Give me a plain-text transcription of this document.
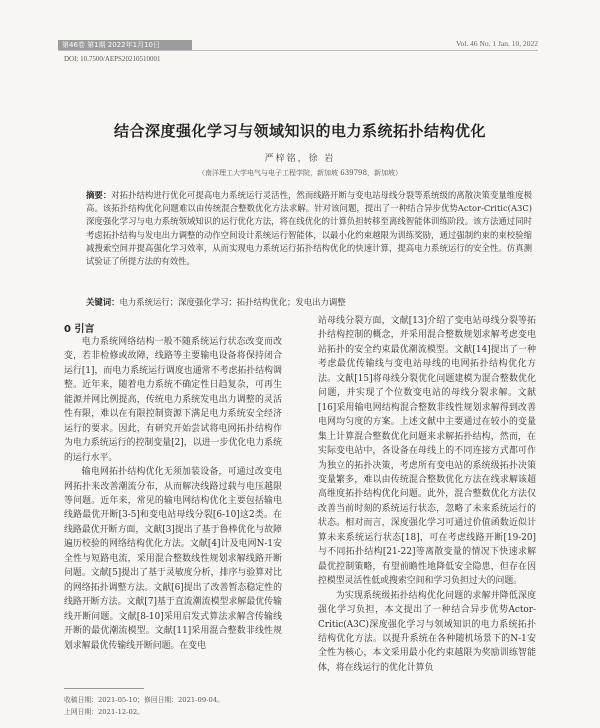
第46卷 第1期 2022年1月10日	Vol. 46 No. 1 Jan. 10, 2022
DOI: 10.7500/AEPS20210510001
结合深度强化学习与领域知识的电力系统拓扑结构优化
严梓铭，徐 岩
（南洋理工大学电气与电子工程学院，新加坡 639798，新加坡）
摘要：对拓扑结构进行优化可提高电力系统运行灵活性，然而线路开断与变电站母线分裂等系统级的离散决策变量维度极高。该拓扑结构优化问题难以由传统混合整数优化方法求解。针对该问题，提出了一种结合异步优势Actor-Critic(A3C)深度强化学习与电力系统领域知识的运行优化方法，将在线优化的计算负担转移至离线智能体训练阶段。该方法通过同时考虑拓扑结构与发电出力调整的动作空间设计系统运行智能体，以最小化约束越限为训练奖励，通过强制约束的束校验缩减搜索空间并提高强化学习效率，从而实现电力系统运行拓扑结构优化的快速计算，提高电力系统运行的安全性。仿真测试验证了所提方法的有效性。
关键词：电力系统运行；深度强化学习；拓扑结构优化；发电出力调整
0 引言

电力系统网络结构一般不随系统运行状态改变而改变，若非检修或故障，线路等主要输电设备将保持闭合运行[1]，而电力系统运行调度也通常不考虑拓扑结构调整。近年来，随着电力系统不确定性日趋复杂，可再生能源并网比例提高，传统电力系统发电出力调整的灵活性有限，难以在有限控制资源下满足电力系统安全经济运行的要求。因此，有研究开始尝试将电网拓扑结构作为电力系统运行的控制变量[2]，以进一步优化电力系统的运行水平。

输电网拓扑结构优化无须加装设备，可通过改变电网拓扑来改善潮流分布，从而解决线路过载与电压越限等问题。近年来，常见的输电网结构优化主要包括输电线路最优开断[3-5]和变电站母线分裂[6-10]这2类。在线路最优开断方面，文献[3]提出了基于鲁棒优化与故障遍历校验的网络结构优化方法。文献[4]计及电网N-1安全性与短路电流，采用混合整数线性规划求解线路开断问题。文献[5]提出了基于灵敏度分析，排序与验算对比的网络拓扑调整方法。文献[6]提出了改善暂态稳定性的线路开断方法。文献[7]基于直流潮流模型求解最优传输线开断问题。文献[8-10]采用启发式算法求解含传输线开断的最优潮流模型。文献[11]采用混合整数非线性规划求解最优传输线开断问题。在变电

站母线分裂方面，文献[13]介绍了变电站母线分裂等拓扑结构控制的概念，并采用混合整数规划求解考虑变电站拓扑的安全约束最优潮流模型。文献[14]提出了一种考虑最优传输线与变电站母线的电网拓扑结构优化方法。文献[15]将母线分裂优化问题建模为混合整数优化问题，并实现了个位数变电站的母线分裂求解。文献[16]采用输电网结构混合整数非线性规划求解得到改善电网均匀度的方案。上述文献中主要通过在较小的变量集上计算混合整数优化问题来求解拓扑结构，然而，在实际变电站中，各设备在母线上的不同连接方式都可作为独立的拓扑决策，考虑所有变电站的系统级拓扑决策变量繁多，难以由传统混合整数优化方法在线求解该超高维度拓扑结构优化问题。此外，混合整数优化方法仅改善当前时刻的系统运行状态，忽略了未来系统运行的状态。相对而言，深度强化学习可通过价值函数近似计算未来系统运行状态[18]，可在考虑线路开断[19-20]与不同拓扑结构[21-22]等离散变量的情况下快速求解最优控制策略，有望前瞻性地降低安全隐患，但存在因控模型灵活性低或搜索空间和学习负担过大的问题。

为实现系统级拓扑结构优化问题的求解并降低深度强化学习负担，本文提出了一种结合异步优势Actor-Critic(A3C)深度强化学习与领域知识的电力系统拓扑结构优化方法。以提升系统在各种随机场景下的N-1安全性为核心，本文采用最小化约束越限为奖励训练智能体，将在线运行的优化计算负

收稿日期：2021-05-10；修回日期：2021-09-04。
上网日期：2021-12-02。
